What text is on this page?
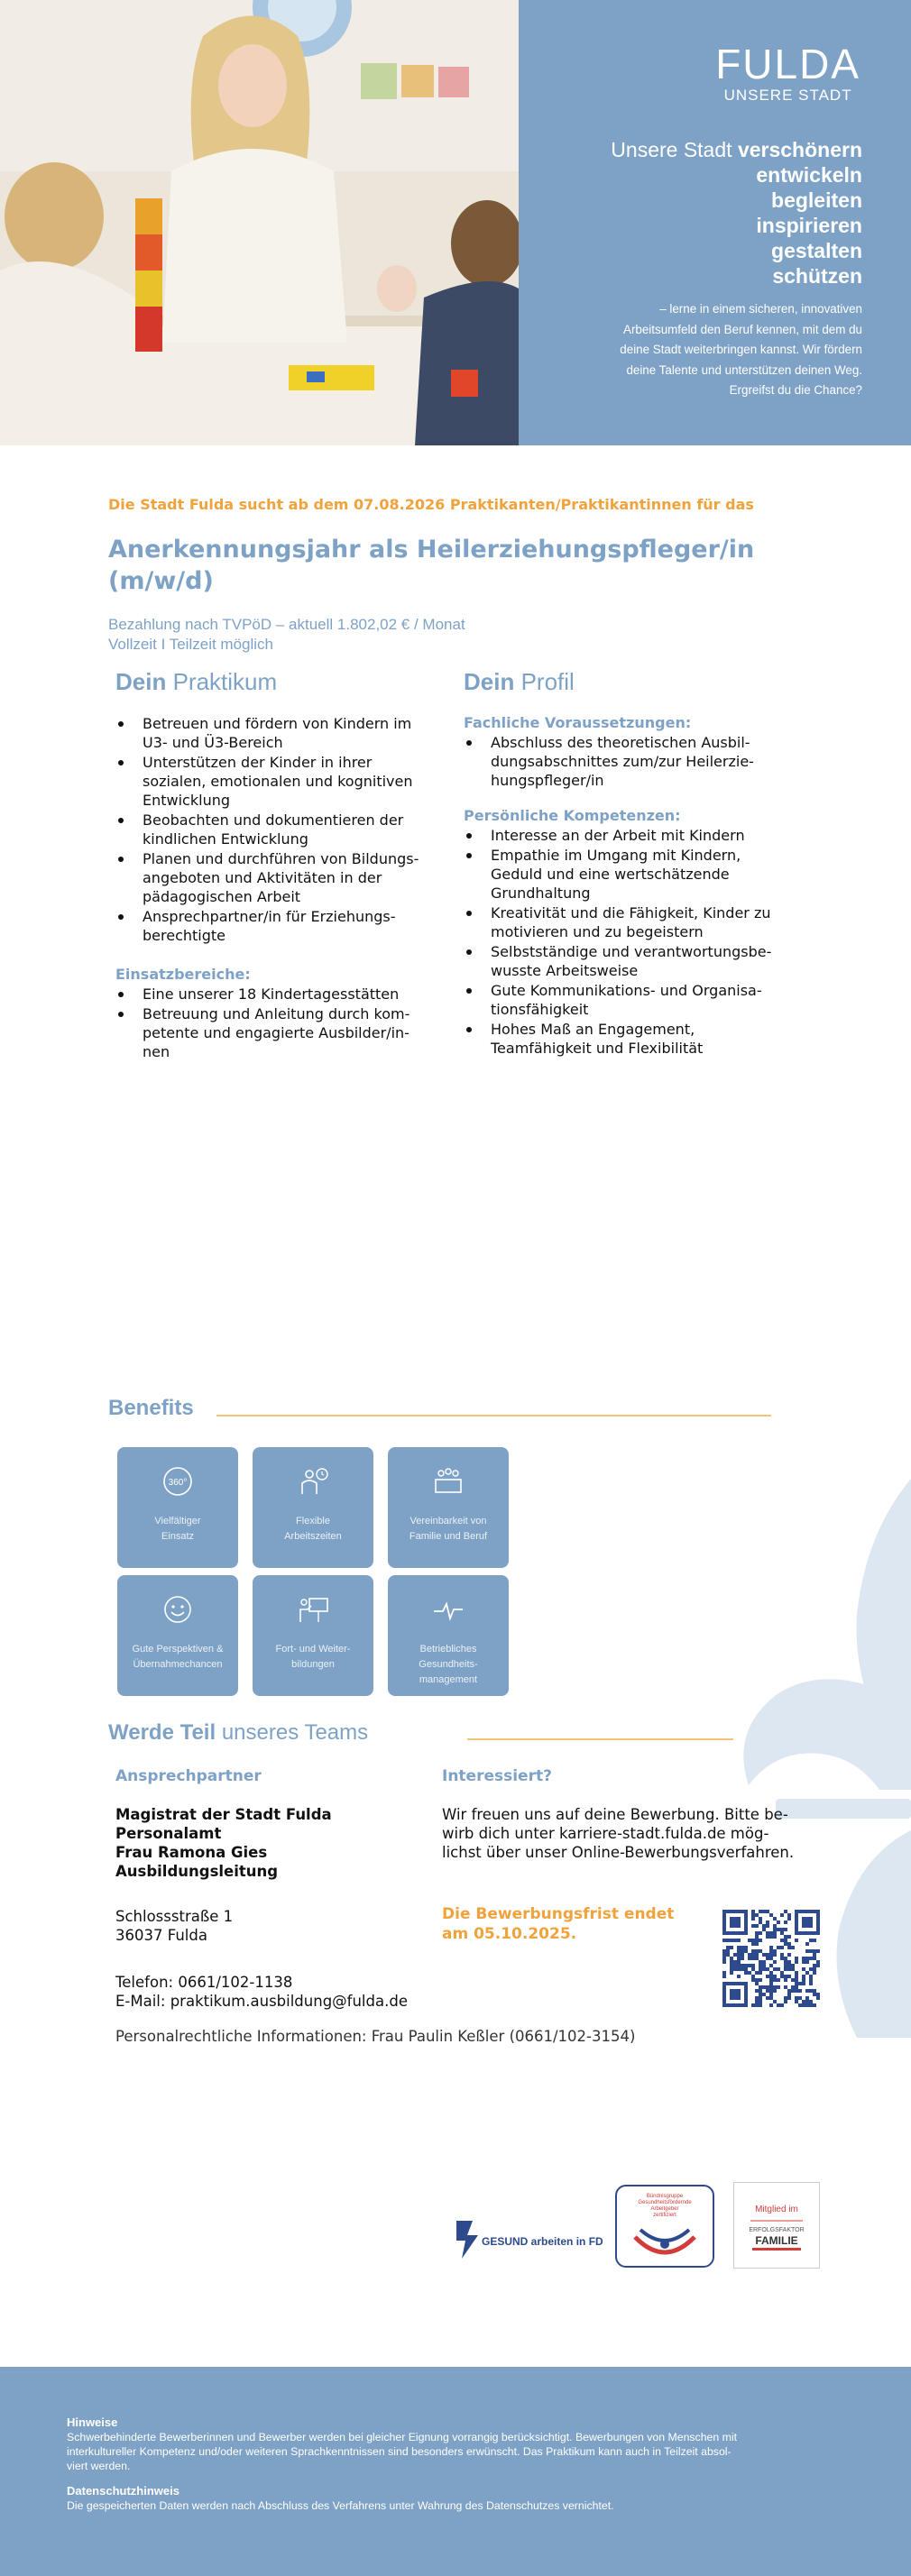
FULDA
UNSERE STADT
Unsere Stadt verschönern
entwickeln
begleiten
inspirieren
gestalten
schützen
– lerne in einem sicheren, innovativen
Arbeitsumfeld den Beruf kennen, mit dem du
deine Stadt weiterbringen kannst. Wir fördern
deine Talente und unterstützen deinen Weg.
Ergreifst du die Chance?
Die Stadt Fulda sucht ab dem 07.08.2026 Praktikanten/Praktikantinnen für das
Anerkennungsjahr als Heilerziehungspfleger/in
(m/w/d)
Bezahlung nach TVPöD – aktuell 1.802,02 € / Monat
Vollzeit I Teilzeit möglich
Dein Praktikum
Betreuen und fördern von Kindern im
U3- und Ü3-Bereich
Unterstützen der Kinder in ihrer
sozialen, emotionalen und kognitiven
Entwicklung
Beobachten und dokumentieren der
kindlichen Entwicklung
Planen und durchführen von Bildungs-
angeboten und Aktivitäten in der
pädagogischen Arbeit
Ansprechpartner/in für Erziehungs-
berechtigte
Einsatzbereiche:
Eine unserer 18 Kindertagesstätten
Betreuung und Anleitung durch kom-
petente und engagierte Ausbilder/in-
nen
Dein Profil
Fachliche Voraussetzungen:
Abschluss des theoretischen Ausbil-
dungsabschnittes zum/zur Heilerzie-
hungspfleger/in
Persönliche Kompetenzen:
Interesse an der Arbeit mit Kindern
Empathie im Umgang mit Kindern,
Geduld und eine wertschätzende
Grundhaltung
Kreativität und die Fähigkeit, Kinder zu
motivieren und zu begeistern
Selbstständige und verantwortungsbe-
wusste Arbeitsweise
Gute Kommunikations- und Organisa-
tionsfähigkeit
Hohes Maß an Engagement,
Teamfähigkeit und Flexibilität
Benefits
360°
Vielfältiger
Einsatz
Flexible
Arbeitszeiten
Vereinbarkeit von
Familie und Beruf
Gute Perspektiven &
Übernahmechancen
Fort- und Weiter-
bildungen
Betriebliches
Gesundheits-
management
Werde Teil unseres Teams
Ansprechpartner
Magistrat der Stadt Fulda
Personalamt
Frau Ramona Gies
Ausbildungsleitung
Schlossstraße 1
36037 Fulda
Telefon: 0661/102-1138
E-Mail: praktikum.ausbildung@fulda.de
Personalrechtliche Informationen: Frau Paulin Keßler (0661/102-3154)
Interessiert?
Wir freuen uns auf deine Bewerbung. Bitte be-
wirb dich unter karriere-stadt.fulda.de mög-
lichst über unser Online-Bewerbungsverfahren.
Die Bewerbungsfrist endet
am 05.10.2025.
GESUND arbeiten in FD
Bündnisgruppe
Gesundheitsfördernde
Arbeitgeber
zertifiziert
Mitglied im
ERFOLGSFAKTOR
FAMILIE
Hinweise
Schwerbehinderte Bewerberinnen und Bewerber werden bei gleicher Eignung vorrangig berücksichtigt. Bewerbungen von Menschen mit
interkultureller Kompetenz und/oder weiteren Sprachkenntnissen sind besonders erwünscht. Das Praktikum kann auch in Teilzeit absol-
viert werden.
Datenschutzhinweis
Die gespeicherten Daten werden nach Abschluss des Verfahrens unter Wahrung des Datenschutzes vernichtet.
